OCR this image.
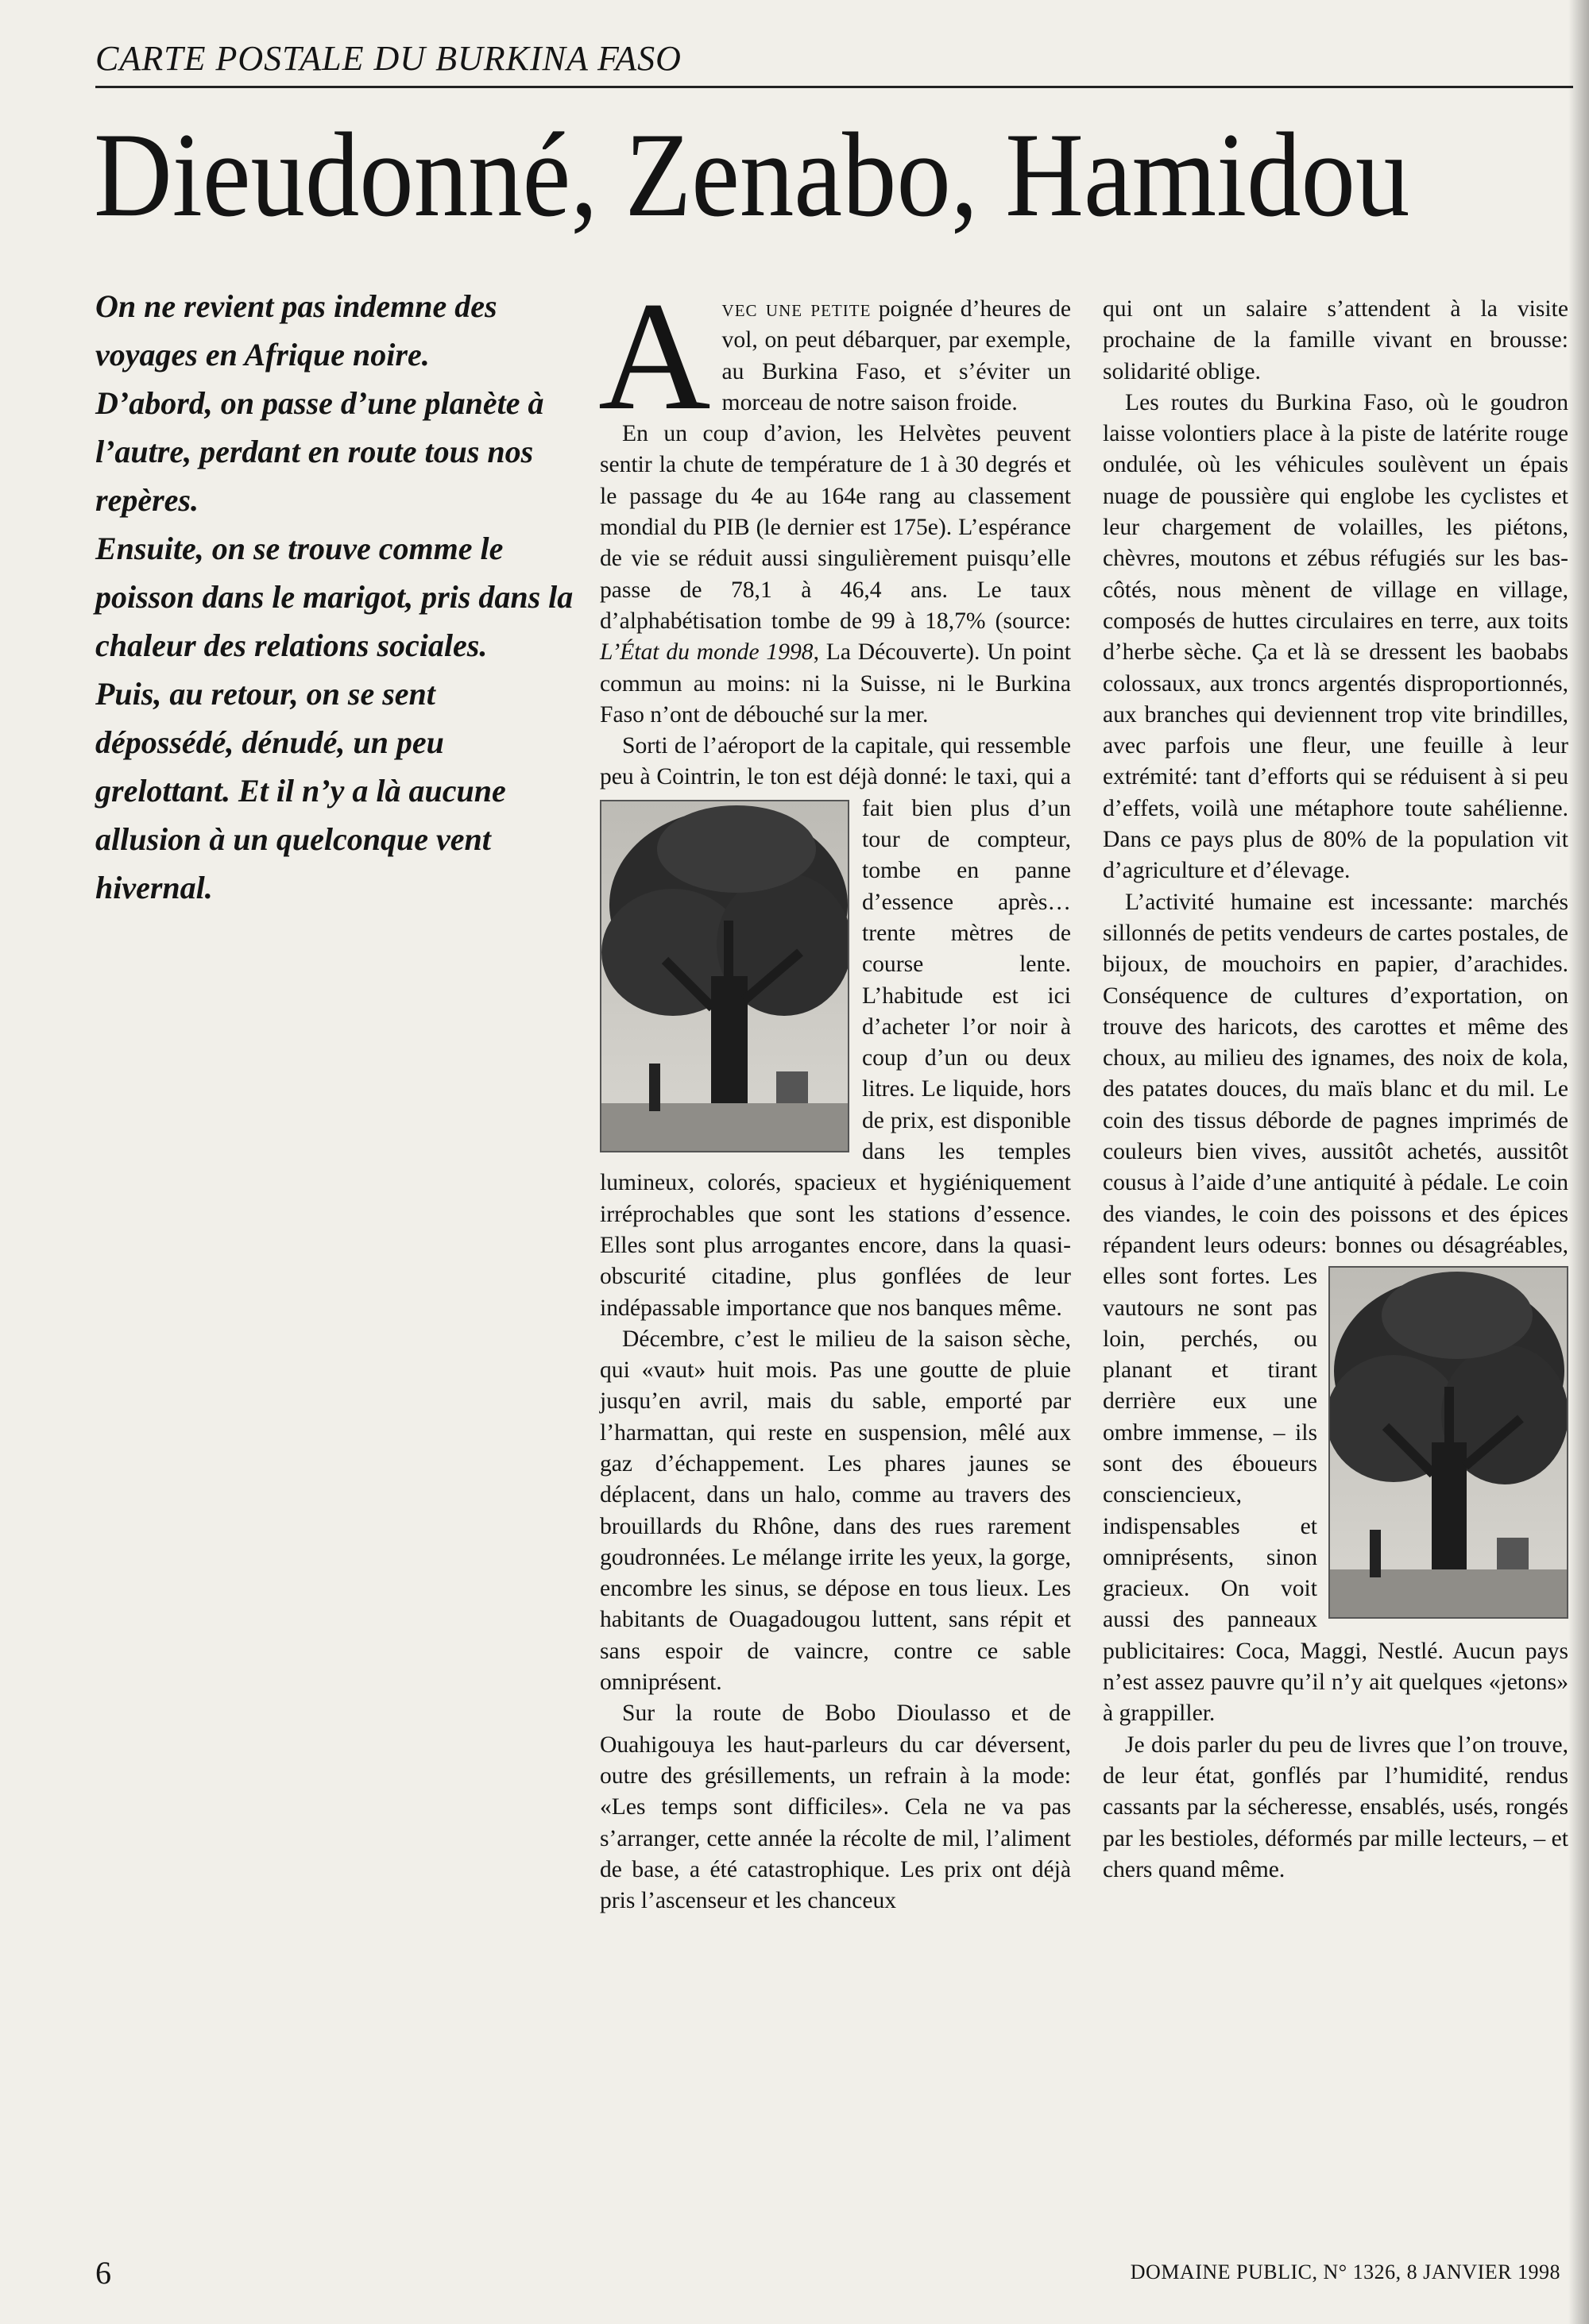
CARTE POSTALE DU BURKINA FASO
Dieudonné, Zenabo, Hamidou

On ne revient pas indemne des voyages en Afrique noire.

D’abord, on passe d’une planète à l’autre, perdant en route tous nos repères.

Ensuite, on se trouve comme le poisson dans le marigot, pris dans la chaleur des relations sociales.

Puis, au retour, on se sent dépossédé, dénudé, un peu grelottant. Et il n’y a là aucune allusion à un quelconque vent hivernal.

Avec une petite poignée d’heures de vol, on peut débarquer, par exemple, au Burkina Faso, et s’éviter un morceau de notre saison froide.

En un coup d’avion, les Helvètes peuvent sentir la chute de température de 1 à 30 degrés et le passage du 4e au 164e rang au classement mondial du PIB (le dernier est 175e). L’espérance de vie se réduit aussi singulièrement puisqu’elle passe de 78,1 à 46,4 ans. Le taux d’alphabétisation tombe de 99 à 18,7% (source: L’État du monde 1998, La Découverte). Un point commun au moins: ni la Suisse, ni le Burkina Faso n’ont de débouché sur la mer.

Sorti de l’aéroport de la capitale, qui ressemble peu à Cointrin, le ton est déjà donné: le taxi, qui a fait bien plus d’un tour de compteur, tombe en panne d’essence après… trente mètres de course lente. L’habitude est ici d’acheter l’or noir à coup d’un ou deux litres. Le liquide, hors de prix, est disponible dans les temples lumineux, colorés, spacieux et hygiéniquement irréprochables que sont les stations d’essence. Elles sont plus arrogantes encore, dans la quasi-obscurité citadine, plus gonflées de leur indépassable importance que nos banques même.

Décembre, c’est le milieu de la saison sèche, qui «vaut» huit mois. Pas une goutte de pluie jusqu’en avril, mais du sable, emporté par l’harmattan, qui reste en suspension, mêlé aux gaz d’échappement. Les phares jaunes se déplacent, dans un halo, comme au travers des brouillards du Rhône, dans des rues rarement goudronnées. Le mélange irrite les yeux, la gorge, encombre les sinus, se dépose en tous lieux. Les habitants de Ouagadougou luttent, sans répit et sans espoir de vaincre, contre ce sable omniprésent.

Sur la route de Bobo Dioulasso et de Ouahigouya les haut-parleurs du car déversent, outre des grésillements, un refrain à la mode: «Les temps sont difficiles». Cela ne va pas s’arranger, cette année la récolte de mil, l’aliment de base, a été catastrophique. Les prix ont déjà pris l’ascenseur et les chanceux

qui ont un salaire s’attendent à la visite prochaine de la famille vivant en brousse: solidarité oblige.

Les routes du Burkina Faso, où le goudron laisse volontiers place à la piste de latérite rouge ondulée, où les véhicules soulèvent un épais nuage de poussière qui englobe les cyclistes et leur chargement de volailles, les piétons, chèvres, moutons et zébus réfugiés sur les bas-côtés, nous mènent de village en village, composés de huttes circulaires en terre, aux toits d’herbe sèche. Ça et là se dressent les baobabs colossaux, aux troncs argentés disproportionnés, aux branches qui deviennent trop vite brindilles, avec parfois une fleur, une feuille à leur extrémité: tant d’efforts qui se réduisent à si peu d’effets, voilà une métaphore toute sahélienne. Dans ce pays plus de 80% de la population vit d’agriculture et d’élevage.

L’activité humaine est incessante: marchés sillonnés de petits vendeurs de cartes postales, de bijoux, de mouchoirs en papier, d’arachides. Conséquence de cultures d’exportation, on trouve des haricots, des carottes et même des choux, au milieu des ignames, des noix de kola, des patates douces, du maïs blanc et du mil. Le coin des tissus déborde de pagnes imprimés de couleurs bien vives, aussitôt achetés, aussitôt cousus à l’aide d’une antiquité à pédale. Le coin des viandes, le coin des poissons et des épices répandent leurs odeurs: bonnes ou désagréables, elles sont fortes. Les vautours ne sont pas loin, perchés, ou planant et tirant derrière eux une ombre immense, – ils sont des éboueurs consciencieux, indispensables et omniprésents, sinon gracieux. On voit aussi des panneaux publicitaires: Coca, Maggi, Nestlé. Aucun pays n’est assez pauvre qu’il n’y ait quelques «jetons» à grappiller.

Je dois parler du peu de livres que l’on trouve, de leur état, gonflés par l’humidité, rendus cassants par la sécheresse, ensablés, usés, rongés par les bestioles, déformés par mille lecteurs, – et chers quand même.

6	DOMAINE PUBLIC, N° 1326, 8 JANVIER 1998
